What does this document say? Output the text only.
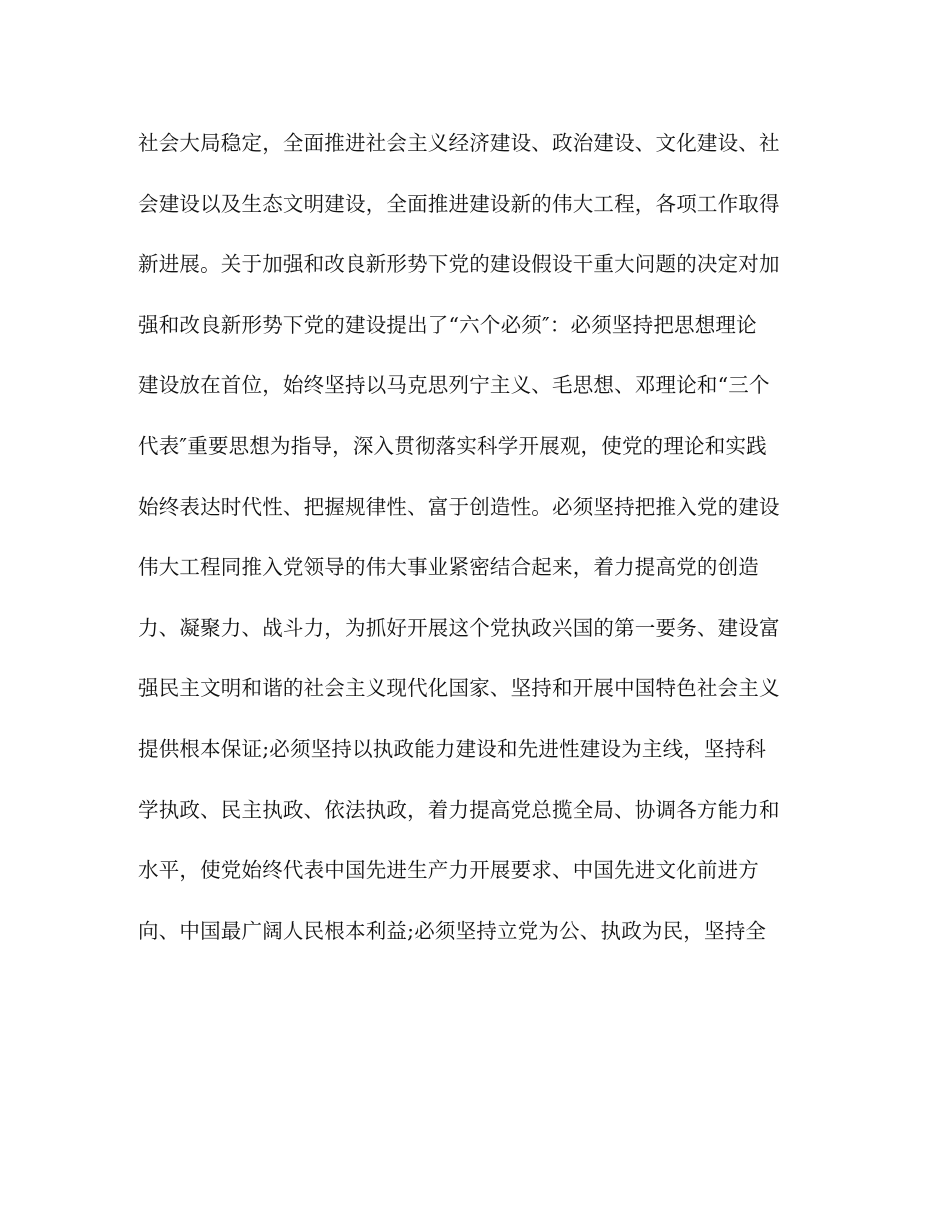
社会大局稳定，全面推进社会主义经济建设、政治建设、文化建设、社
会建设以及生态文明建设，全面推进建设新的伟大工程，各项工作取得
新进展。关于加强和改良新形势下党的建设假设干重大问题的决定对加
强和改良新形势下党的建设提出了“六个必须″：必须坚持把思想理论
建设放在首位，始终坚持以马克思列宁主义、毛思想、邓理论和“三个
代表″重要思想为指导，深入贯彻落实科学开展观，使党的理论和实践
始终表达时代性、把握规律性、富于创造性。必须坚持把推入党的建设
伟大工程同推入党领导的伟大事业紧密结合起来，着力提高党的创造
力、凝聚力、战斗力，为抓好开展这个党执政兴国的第一要务、建设富
强民主文明和谐的社会主义现代化国家、坚持和开展中国特色社会主义
提供根本保证;必须坚持以执政能力建设和先进性建设为主线，坚持科
学执政、民主执政、依法执政，着力提高党总揽全局、协调各方能力和
水平，使党始终代表中国先进生产力开展要求、中国先进文化前进方
向、中国最广阔人民根本利益;必须坚持立党为公、执政为民，坚持全
